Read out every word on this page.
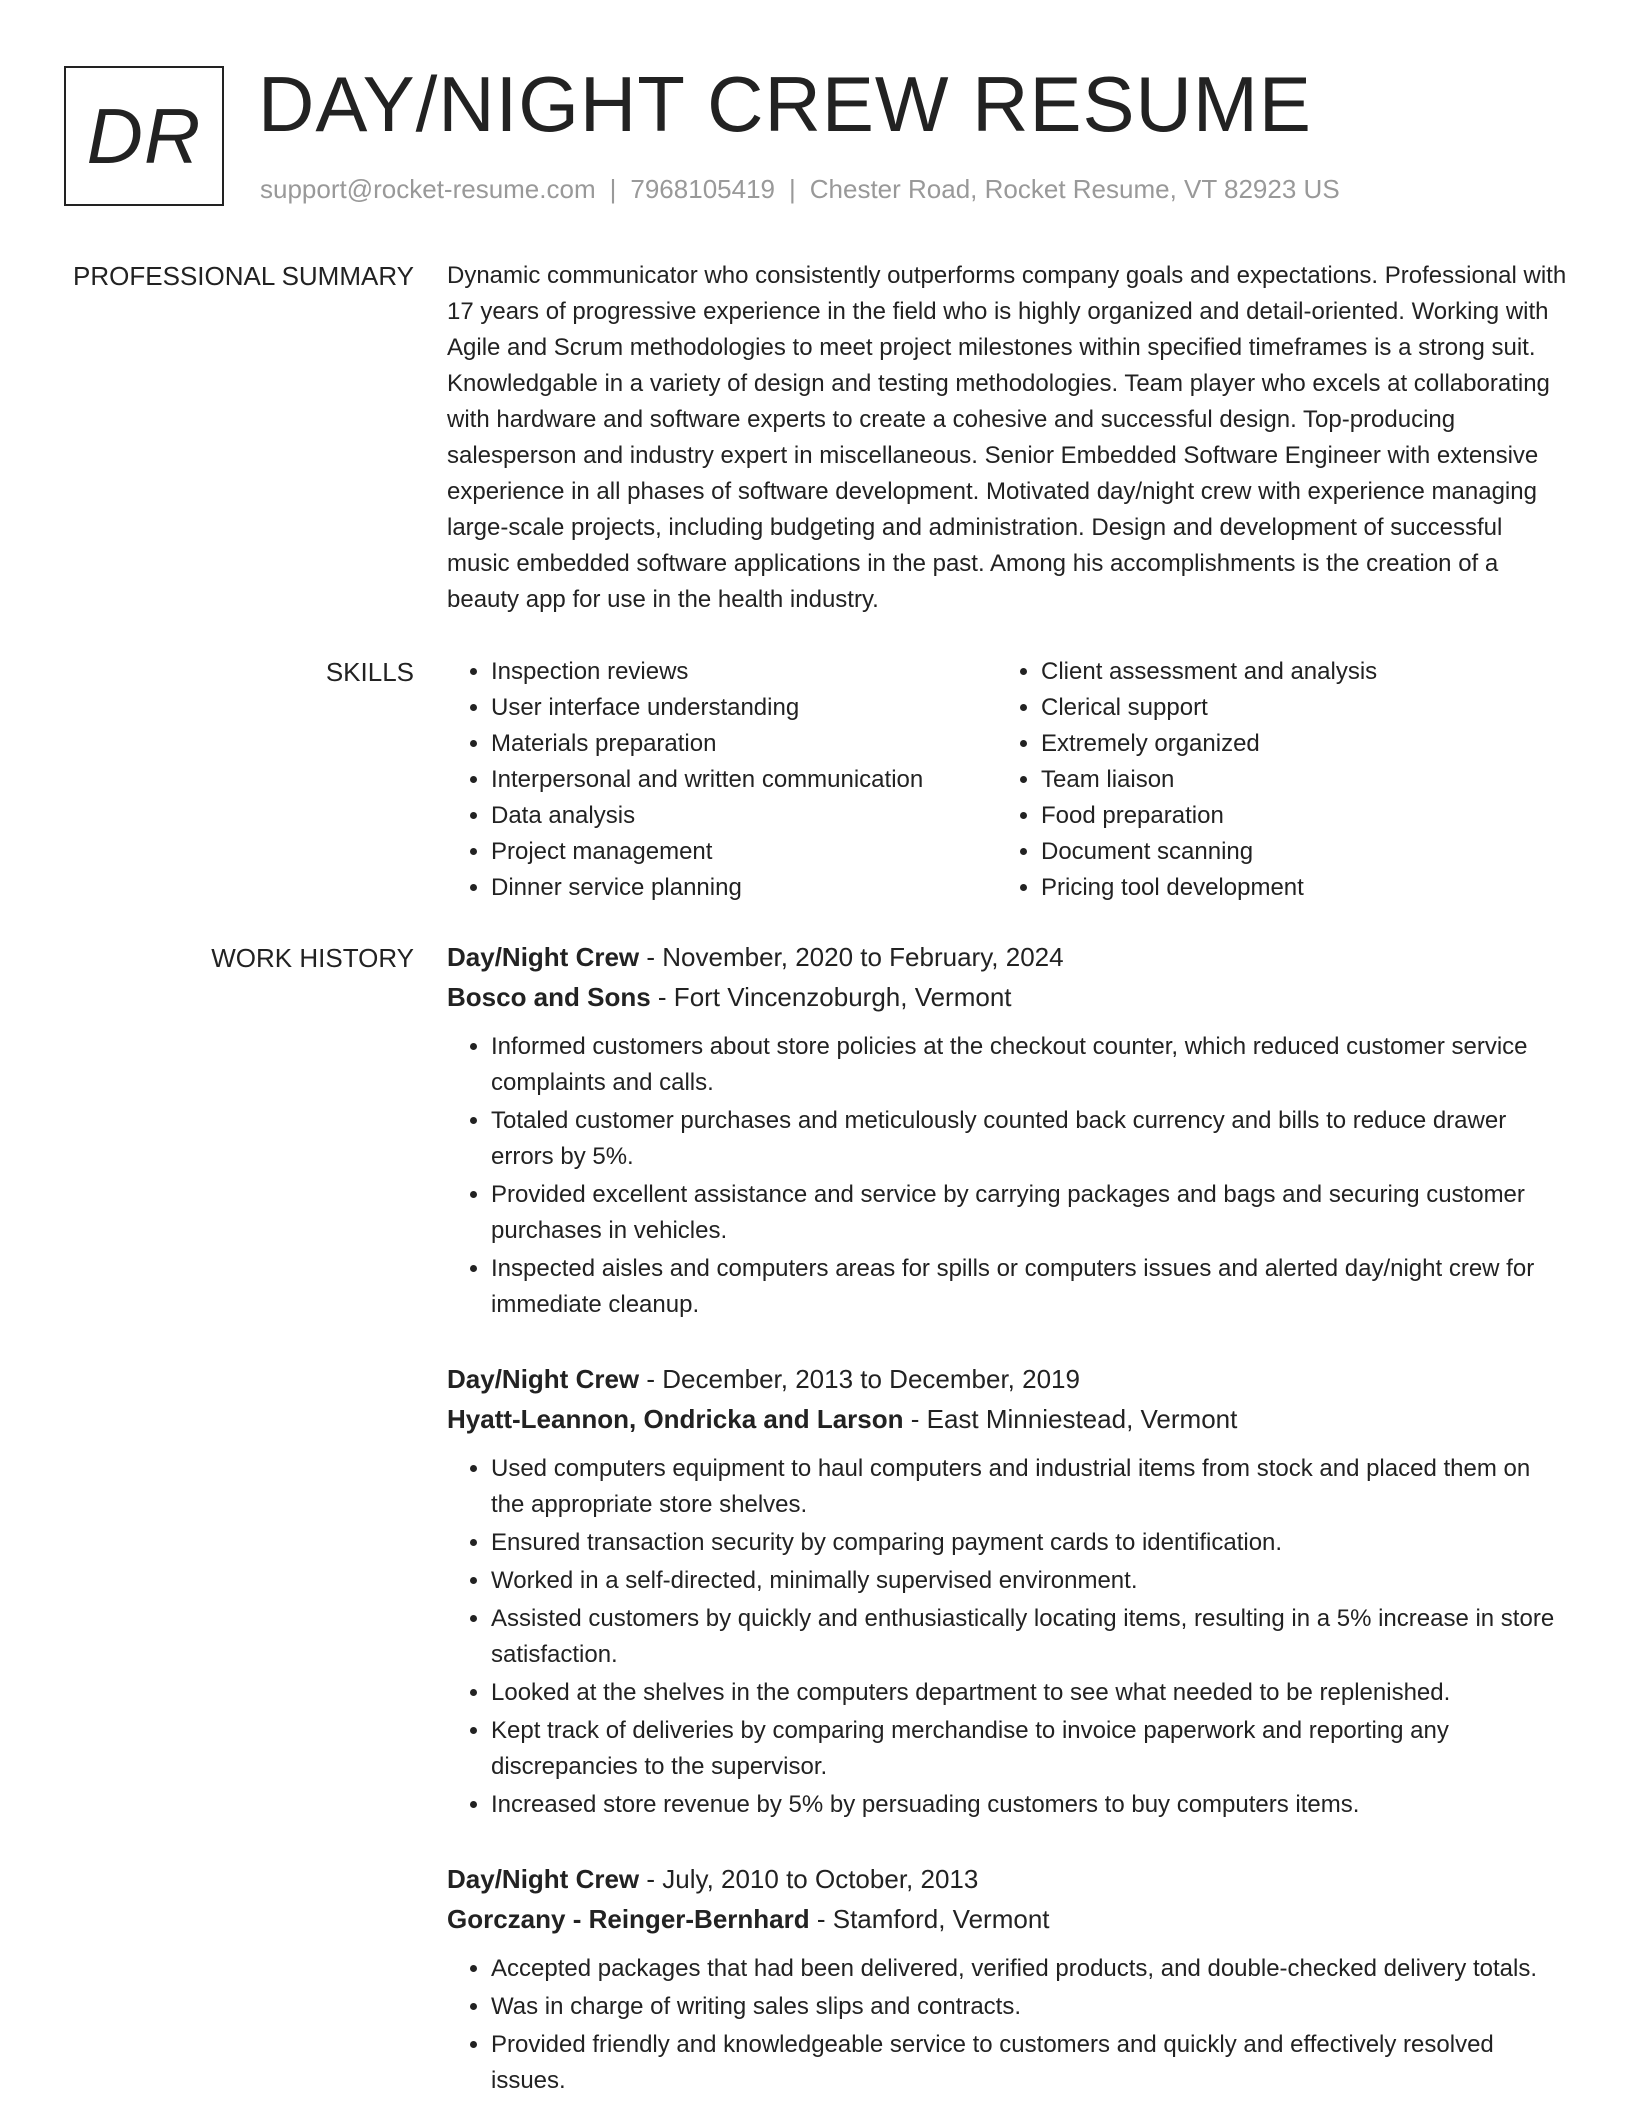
DR DAY/NIGHT CREW RESUME
support@rocket-resume.com | 7968105419 | Chester Road, Rocket Resume, VT 82923 US
PROFESSIONAL SUMMARY Dynamic communicator who consistently outperforms company goals and expectations. Professional with 17 years of progressive experience in the field who is highly organized and detail-oriented. Working with Agile and Scrum methodologies to meet project milestones within specified timeframes is a strong suit. Knowledgable in a variety of design and testing methodologies. Team player who excels at collaborating with hardware and software experts to create a cohesive and successful design. Top-producing salesperson and industry expert in miscellaneous. Senior Embedded Software Engineer with extensive experience in all phases of software development. Motivated day/night crew with experience managing large-scale projects, including budgeting and administration. Design and development of successful music embedded software applications in the past. Among his accomplishments is the creation of a beauty app for use in the health industry.

SKILLS
•	Inspection reviews
• User interface understanding
• Materials preparation
• Interpersonal and written communication
• Data analysis
• Project management
• Dinner service planning
• Client assessment and analysis
• Clerical support
• Extremely organized
• Team liaison
• Food preparation
• Document scanning
• Pricing tool development
WORK HISTORY Day/Night Crew - November, 2020 to February, 2024
Bosco and Sons - Fort Vincenzoburgh, Vermont
• Informed customers about store policies at the checkout counter, which reduced customer service complaints and calls.
• Totaled customer purchases and meticulously counted back currency and bills to reduce drawer errors by 5%.
• Provided excellent assistance and service by carrying packages and bags and securing customer purchases in vehicles.
• Inspected aisles and computers areas for spills or computers issues and alerted day/night crew for immediate cleanup.
Day/Night Crew - December, 2013 to December, 2019
Hyatt-Leannon, Ondricka and Larson - East Minniestead, Vermont
• Used computers equipment to haul computers and industrial items from stock and placed them on the appropriate store shelves.
• Ensured transaction security by comparing payment cards to identification.
• Worked in a self-directed, minimally supervised environment.
• Assisted customers by quickly and enthusiastically locating items, resulting in a 5% increase in store satisfaction.
• Looked at the shelves in the computers department to see what needed to be replenished.
• Kept track of deliveries by comparing merchandise to invoice paperwork and reporting any discrepancies to the supervisor.
• Increased store revenue by 5% by persuading customers to buy computers items.
Day/Night Crew - July, 2010 to October, 2013
Gorczany - Reinger-Bernhard - Stamford, Vermont
• Accepted packages that had been delivered, verified products, and double-checked delivery totals.
• Was in charge of writing sales slips and contracts.
• Provided friendly and knowledgeable service to customers and quickly and effectively resolved issues.
